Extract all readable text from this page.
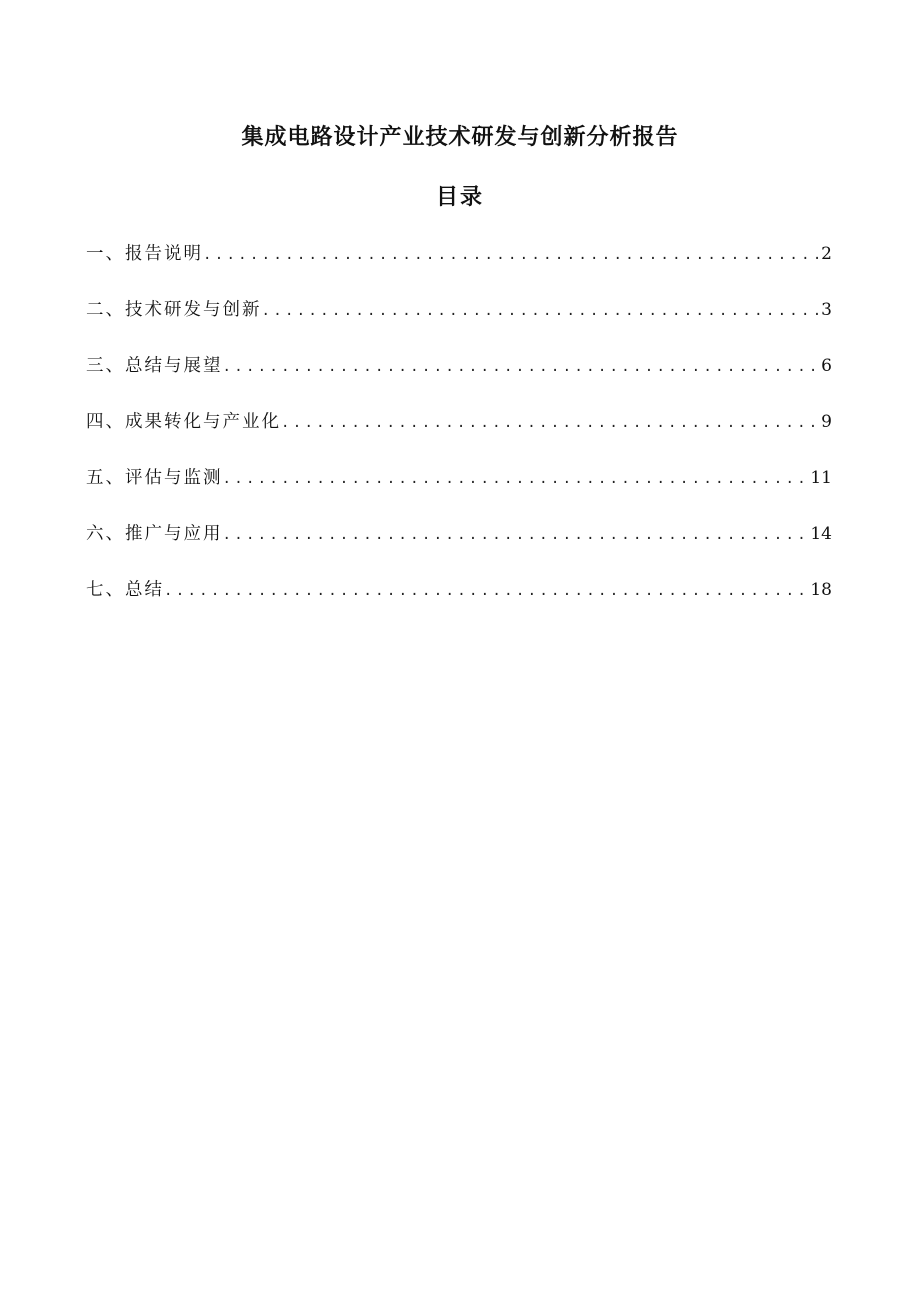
集成电路设计产业技术研发与创新分析报告
目录
一、报告说明 .....	2
二、技术研发与创新 .....	3
三、总结与展望 .....	6
四、成果转化与产业化 .....	9
五、评估与监测 .....	11
六、推广与应用 .....	14
七、总结 .....	18
